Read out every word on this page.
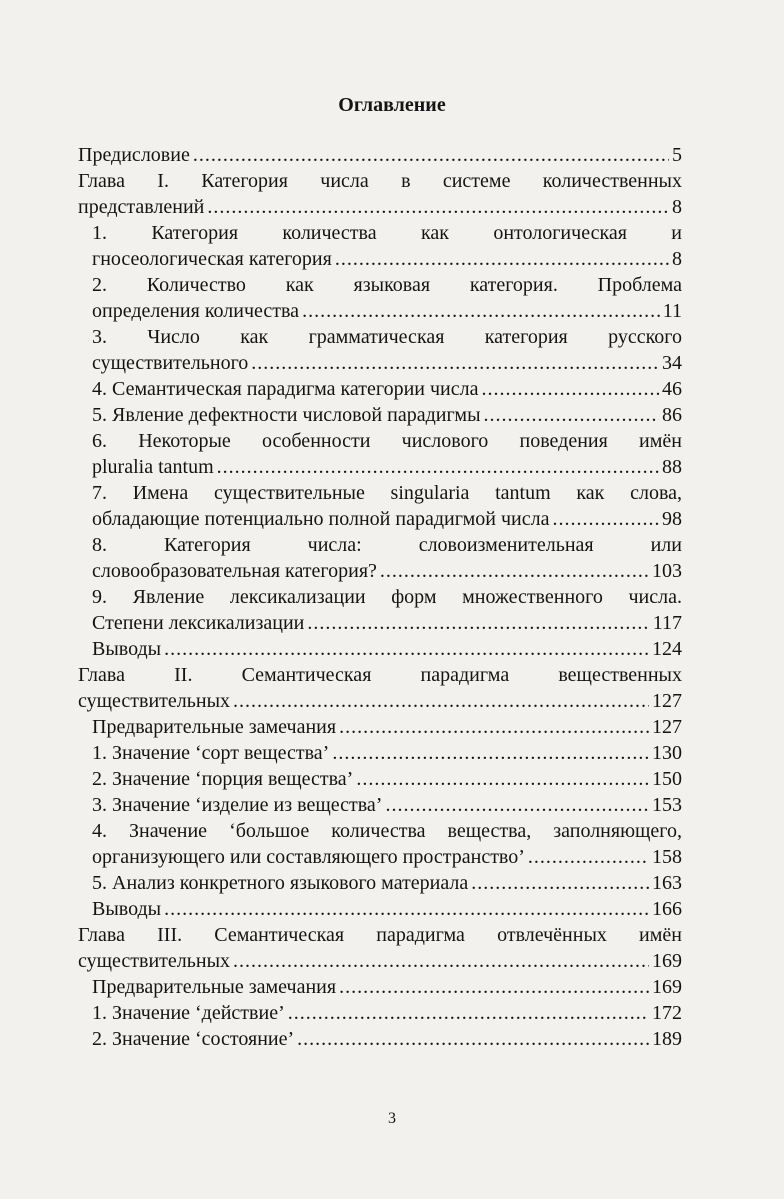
Оглавление
Предисловие .....	5
Глава I. Категория числа в системе количественных
представлений .....	8
1. Категория количества как онтологическая и
гносеологическая категория .....	8
2. Количество как языковая категория. Проблема
определения количества .....	11
3. Число как грамматическая категория русского
существительного .....	34
4. Семантическая парадигма категории числа .....	46
5. Явление дефектности числовой парадигмы .....	86
6. Некоторые особенности числового поведения имён
pluralia tantum .....	88
7. Имена существительные singularia tantum как слова,
обладающие потенциально полной парадигмой числа .....	98
8. Категория числа: словоизменительная или
словообразовательная категория? .....	103
9. Явление лексикализации форм множественного числа.
Степени лексикализации .....	117
Выводы .....	124
Глава II. Семантическая парадигма вещественных
существительных .....	127
Предварительные замечания .....	127
1. Значение ‘сорт вещества’ .....	130
2. Значение ‘порция вещества’ .....	150
3. Значение ‘изделие из вещества’ .....	153
4. Значение ‘большое количества вещества, заполняющего,
организующего или составляющего пространство’ .....	158
5. Анализ конкретного языкового материала .....	163
Выводы .....	166
Глава III. Семантическая парадигма отвлечённых имён
существительных .....	169
Предварительные замечания .....	169
1. Значение ‘действие’ .....	172
2. Значение ‘состояние’ .....	189
3
